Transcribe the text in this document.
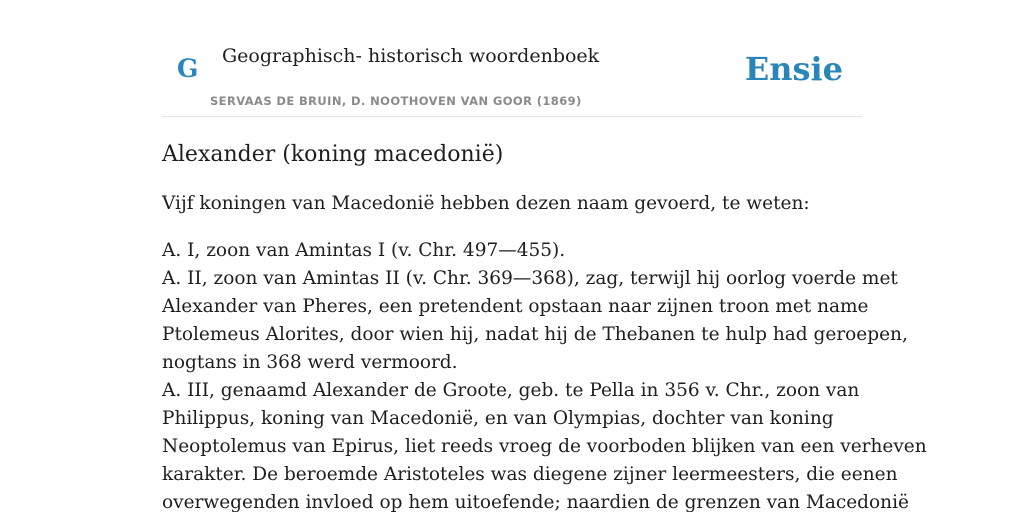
G Geographisch- historisch woordenboek
SERVAAS DE BRUIN, D. NOOTHOVEN VAN GOOR (1869)
Ensie
Alexander (koning macedonië)

Vijf koningen van Macedonië hebben dezen naam gevoerd, te weten:

A. I, zoon van Amintas I (v. Chr. 497—455).
A. II, zoon van Amintas II (v. Chr. 369—368), zag, terwijl hij oorlog voerde met
Alexander van Pheres, een pretendent opstaan naar zijnen troon met name
Ptolemeus Alorites, door wien hij, nadat hij de Thebanen te hulp had geroepen,
nogtans in 368 werd vermoord.
A. III, genaamd Alexander de Groote, geb. te Pella in 356 v. Chr., zoon van
Philippus, koning van Macedonië, en van Olympias, dochter van koning
Neoptolemus van Epirus, liet reeds vroeg de voorboden blijken van een verheven
karakter. De beroemde Aristoteles was diegene zijner leermeesters, die eenen
overwegenden invloed op hem uitoefende; naardien de grenzen van Macedonië
